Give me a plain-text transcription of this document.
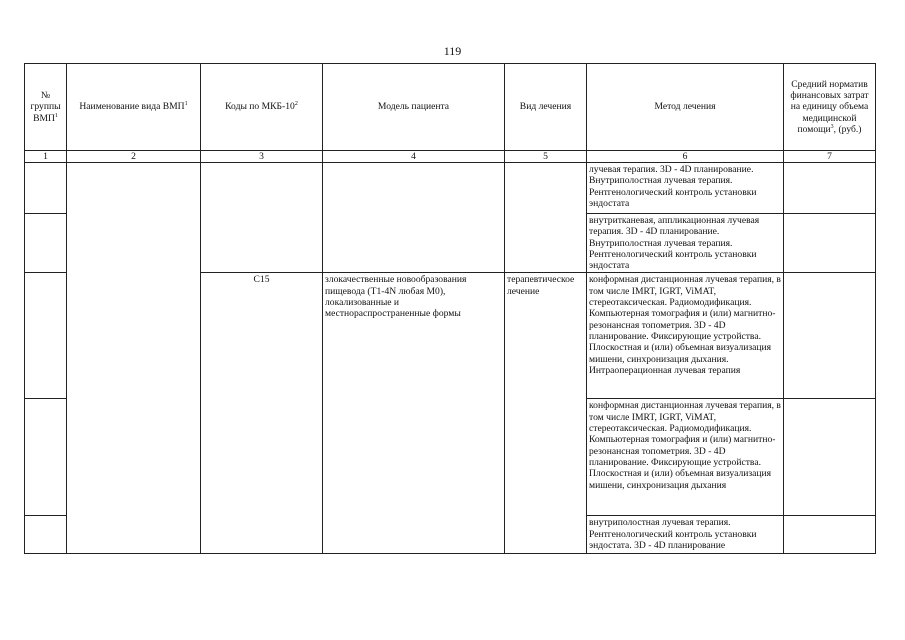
119
№ группы ВМП$^1$	Наименование вида ВМП$^1$	Коды по МКБ-$10^2$	Модель пациента	Вид лечения	Метод лечения	Средний норматив финансовых затрат на единицу объема медицинской помощи$^3$, (руб.)
1	2	3	4	5	6	7
					лучевая терапия. 3D - 4D планирование. Внутриполостная лучевая терапия. Рентгенологический контроль установки эндостата	
					внутритканевая, аппликационная лучевая терапия. 3D - 4D планирование. Внутриполостная лучевая терапия. Рентгенологический контроль установки эндостата	
		C15	злокачественные новообразования пищевода (T1-4N любая M0), локализованные и местнораспространенные формы	терапевтическое лечение	конформная дистанционная лучевая терапия, в том числе IMRT, IGRT, ViMAT, стереотаксическая. Радиомодификация. Компьютерная томография и (или) магнитно-резонансная топометрия. 3D - 4D планирование. Фиксирующие устройства. Плоскостная и (или) объемная визуализация мишени, синхронизация дыхания. Интраоперационная лучевая терапия	
					конформная дистанционная лучевая терапия, в том числе IMRT, IGRT, ViMAT, стереотаксическая. Радиомодификация. Компьютерная томография и (или) магнитно-резонансная топометрия. 3D - 4D планирование. Фиксирующие устройства. Плоскостная и (или) объемная визуализация мишени, синхронизация дыхания	
					внутриполостная лучевая терапия. Рентгенологический контроль установки эндостата. 3D - 4D планирование	
